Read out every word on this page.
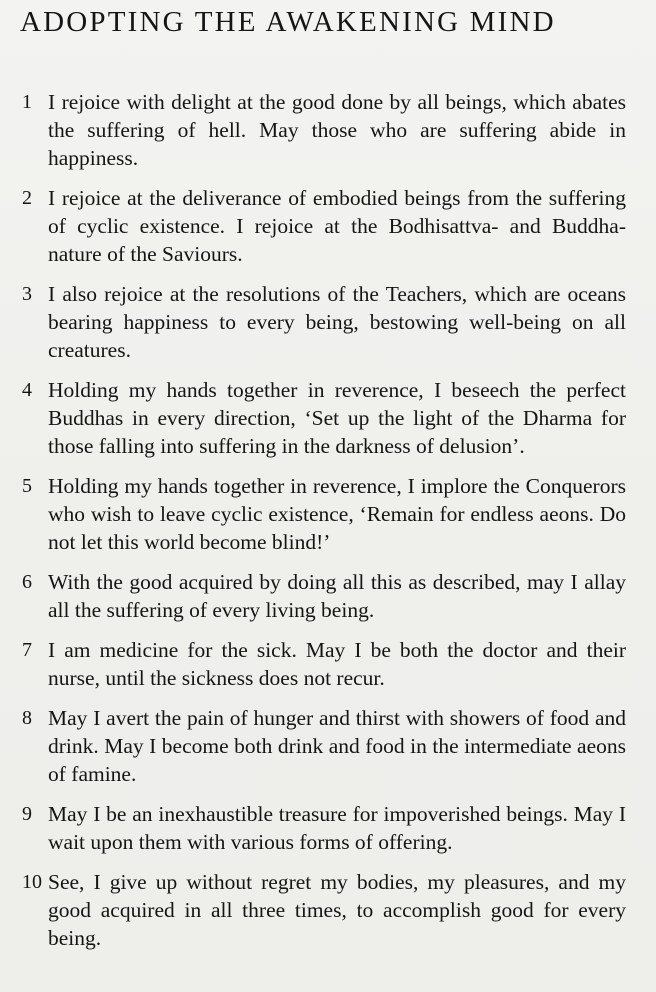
ADOPTING THE AWAKENING MIND
1 I rejoice with delight at the good done by all beings, which abates the suffering of hell. May those who are suffering abide in happiness.
2 I rejoice at the deliverance of embodied beings from the suffering of cyclic existence. I rejoice at the Bodhisattva- and Buddha-nature of the Saviours.
3 I also rejoice at the resolutions of the Teachers, which are oceans bearing happiness to every being, bestowing well-being on all creatures.
4 Holding my hands together in reverence, I beseech the perfect Buddhas in every direction, ‘Set up the light of the Dharma for those falling into suffering in the darkness of delusion’.
5 Holding my hands together in reverence, I implore the Conquerors who wish to leave cyclic existence, ‘Remain for endless aeons. Do not let this world become blind!’
6 With the good acquired by doing all this as described, may I allay all the suffering of every living being.
7 I am medicine for the sick. May I be both the doctor and their nurse, until the sickness does not recur.
8 May I avert the pain of hunger and thirst with showers of food and drink. May I become both drink and food in the intermediate aeons of famine.
9 May I be an inexhaustible treasure for impoverished beings. May I wait upon them with various forms of offering.
10 See, I give up without regret my bodies, my pleasures, and my good acquired in all three times, to accomplish good for every being.
